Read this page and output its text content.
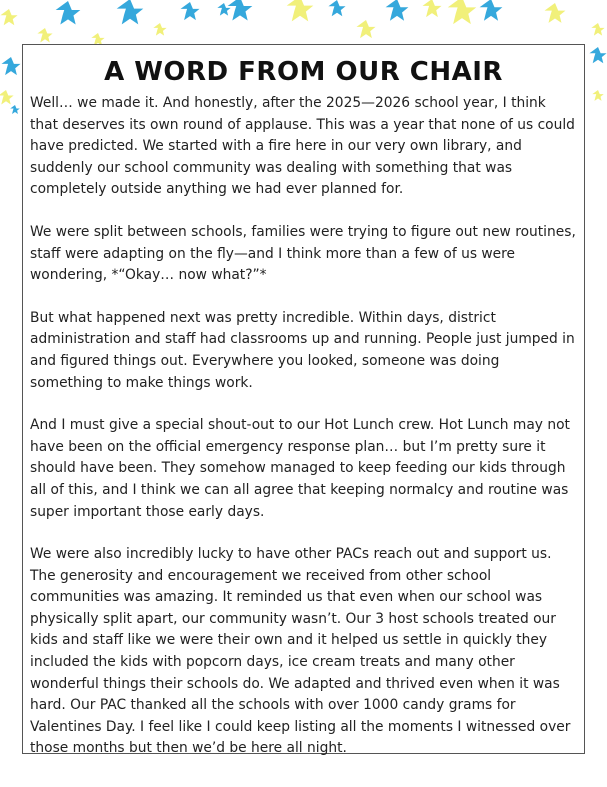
A WORD FROM OUR CHAIR

Well… we made it. And honestly, after the 2025—2026 school year, I think that deserves its own round of applause. This was a year that none of us could have predicted. We started with a fire here in our very own library, and suddenly our school community was dealing with something that was completely outside anything we had ever planned for.

We were split between schools, families were trying to figure out new routines, staff were adapting on the fly—and I think more than a few of us were wondering, *“Okay… now what?”*

But what happened next was pretty incredible. Within days, district administration and staff had classrooms up and running. People just jumped in and figured things out. Everywhere you looked, someone was doing something to make things work.

And I must give a special shout-out to our Hot Lunch crew. Hot Lunch may not have been on the official emergency response plan… but I’m pretty sure it should have been. They somehow managed to keep feeding our kids through all of this, and I think we can all agree that keeping normalcy and routine was super important those early days.

We were also incredibly lucky to have other PACs reach out and support us. The generosity and encouragement we received from other school communities was amazing. It reminded us that even when our school was physically split apart, our community wasn’t. Our 3 host schools treated our kids and staff like we were their own and it helped us settle in quickly they included the kids with popcorn days, ice cream treats and many other wonderful things their schools do. We adapted and thrived even when it was hard. Our PAC thanked all the schools with over 1000 candy grams for Valentines Day. I feel like I could keep listing all the moments I witnessed over those months but then we’d be here all night.
